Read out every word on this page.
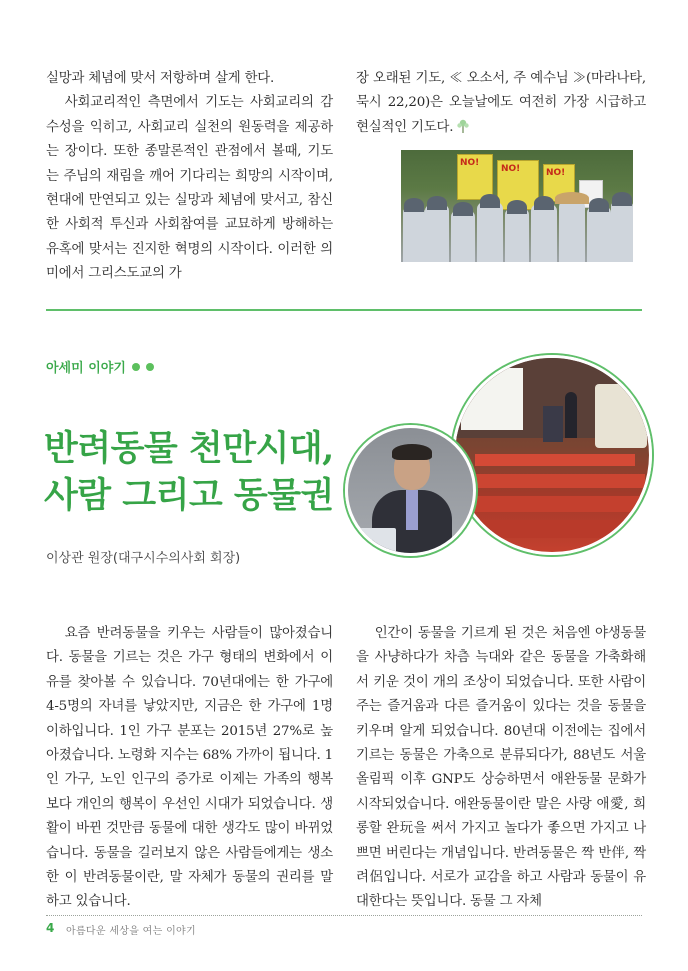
실망과 체념에 맞서 저항하며 살게 한다.

사회교리적인 측면에서 기도는 사회교리의 감수성을 익히고, 사회교리 실천의 원동력을 제공하는 장이다. 또한 종말론적인 관점에서 볼때, 기도는 주님의 재림을 깨어 기다리는 희망의 시작이며, 현대에 만연되고 있는 실망과 체념에 맞서고, 참신한 사회적 투신과 사회참여를 교묘하게 방해하는 유혹에 맞서는 진지한 혁명의 시작이다. 이러한 의미에서 그리스도교의 가

장 오래된 기도, ≪ 오소서, 주 예수님 ≫(마라나타, 묵시 22,20)은 오늘날에도 여전히 가장 시급하고 현실적인 기도다.

NO!
NO!	NO!
아세미 이야기
반려동물 천만시대,
사람 그리고 동물권
이상관 원장(대구시수의사회 회장)

요즘 반려동물을 키우는 사람들이 많아졌습니다. 동물을 기르는 것은 가구 형태의 변화에서 이유를 찾아볼 수 있습니다. 70년대에는 한 가구에 4-5명의 자녀를 낳았지만, 지금은 한 가구에 1명 이하입니다. 1인 가구 분포는 2015년 27%로 높아졌습니다. 노령화 지수는 68% 가까이 됩니다. 1인 가구, 노인 인구의 증가로 이제는 가족의 행복보다 개인의 행복이 우선인 시대가 되었습니다. 생활이 바뀐 것만큼 동물에 대한 생각도 많이 바뀌었습니다. 동물을 길러보지 않은 사람들에게는 생소한 이 반려동물이란, 말 자체가 동물의 권리를 말하고 있습니다.

인간이 동물을 기르게 된 것은 처음엔 야생동물을 사냥하다가 차츰 늑대와 같은 동물을 가축화해서 키운 것이 개의 조상이 되었습니다. 또한 사람이 주는 즐거움과 다른 즐거움이 있다는 것을 동물을 키우며 알게 되었습니다. 80년대 이전에는 집에서 기르는 동물은 가축으로 분류되다가, 88년도 서울 올림픽 이후 GNP도 상승하면서 애완동물 문화가 시작되었습니다. 애완동물이란 말은 사랑 애愛, 희롱할 완玩을 써서 가지고 놀다가 좋으면 가지고 나쁘면 버린다는 개념입니다. 반려동물은 짝 반伴, 짝 려侶입니다. 서로가 교감을 하고 사람과 동물이 유대한다는 뜻입니다. 동물 그 자체

4 아름다운 세상을 여는 이야기
